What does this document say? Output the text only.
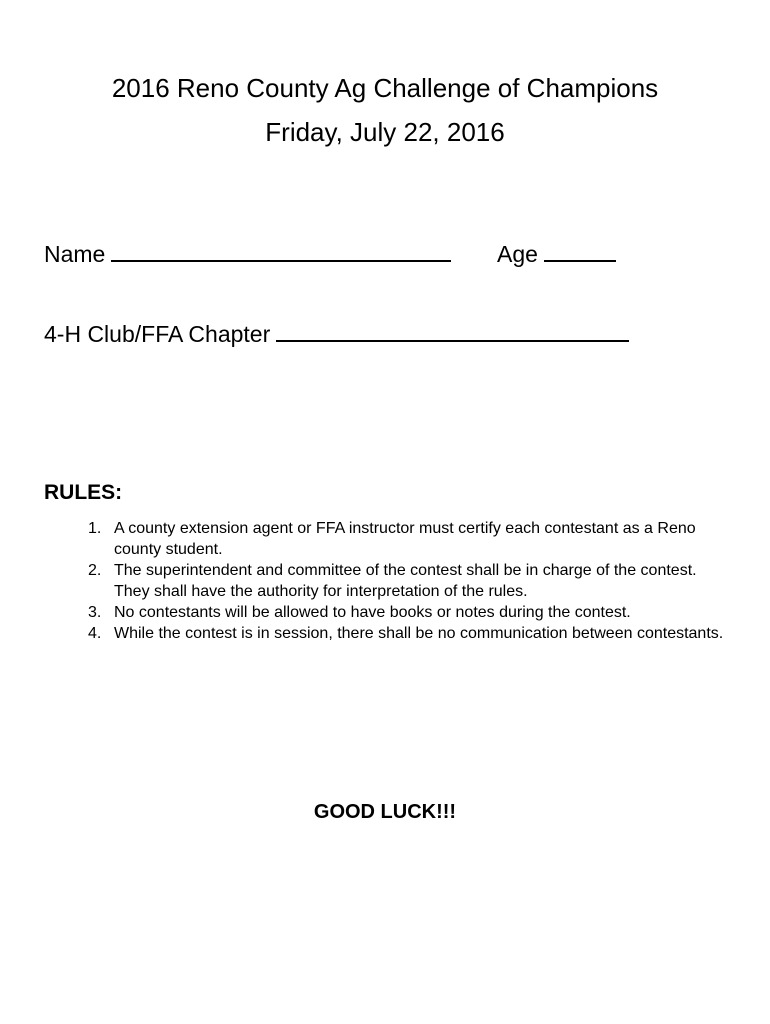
2016 Reno County Ag Challenge of Champions
Friday, July 22, 2016
Name	Age
4-H Club/FFA Chapter
RULES:
1. A county extension agent or FFA instructor must certify each contestant as a Reno county student.
2. The superintendent and committee of the contest shall be in charge of the contest. They shall have the authority for interpretation of the rules.
3. No contestants will be allowed to have books or notes during the contest.
4. While the contest is in session, there shall be no communication between contestants.
GOOD LUCK!!!
